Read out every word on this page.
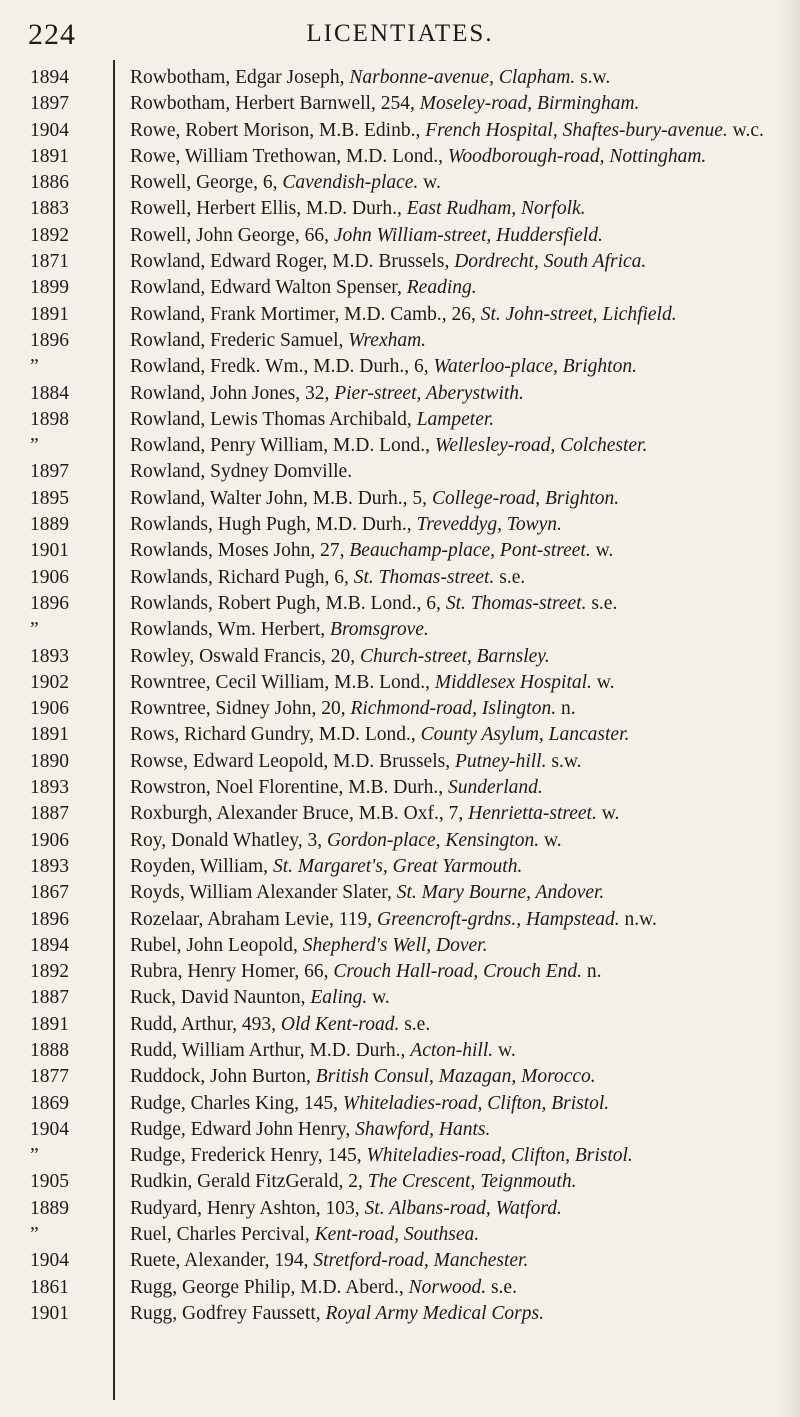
224	LICENTIATES.
1894	Rowbotham, Edgar Joseph, Narbonne-avenue, Clapham. s.w.
1897	Rowbotham, Herbert Barnwell, 254, Moseley-road, Birmingham.
1904	Rowe, Robert Morison, M.B. Edinb., French Hospital, Shaftes-bury-avenue. w.c.
1891	Rowe, William Trethowan, M.D. Lond., Woodborough-road, Nottingham.
1886	Rowell, George, 6, Cavendish-place. w.
1883	Rowell, Herbert Ellis, M.D. Durh., East Rudham, Norfolk.
1892	Rowell, John George, 66, John William-street, Huddersfield.
1871	Rowland, Edward Roger, M.D. Brussels, Dordrecht, South Africa.
1899	Rowland, Edward Walton Spenser, Reading.
1891	Rowland, Frank Mortimer, M.D. Camb., 26, St. John-street, Lichfield.
1896	Rowland, Frederic Samuel, Wrexham.
”	Rowland, Fredk. Wm., M.D. Durh., 6, Waterloo-place, Brighton.
1884	Rowland, John Jones, 32, Pier-street, Aberystwith.
1898	Rowland, Lewis Thomas Archibald, Lampeter.
”	Rowland, Penry William, M.D. Lond., Wellesley-road, Colchester.
1897	Rowland, Sydney Domville.
1895	Rowland, Walter John, M.B. Durh., 5, College-road, Brighton.
1889	Rowlands, Hugh Pugh, M.D. Durh., Treveddyg, Towyn.
1901	Rowlands, Moses John, 27, Beauchamp-place, Pont-street. w.
1906	Rowlands, Richard Pugh, 6, St. Thomas-street. s.e.
1896	Rowlands, Robert Pugh, M.B. Lond., 6, St. Thomas-street. s.e.
”	Rowlands, Wm. Herbert, Bromsgrove.
1893	Rowley, Oswald Francis, 20, Church-street, Barnsley.
1902	Rowntree, Cecil William, M.B. Lond., Middlesex Hospital. w.
1906	Rowntree, Sidney John, 20, Richmond-road, Islington. n.
1891	Rows, Richard Gundry, M.D. Lond., County Asylum, Lancaster.
1890	Rowse, Edward Leopold, M.D. Brussels, Putney-hill. s.w.
1893	Rowstron, Noel Florentine, M.B. Durh., Sunderland.
1887	Roxburgh, Alexander Bruce, M.B. Oxf., 7, Henrietta-street. w.
1906	Roy, Donald Whatley, 3, Gordon-place, Kensington. w.
1893	Royden, William, St. Margaret's, Great Yarmouth.
1867	Royds, William Alexander Slater, St. Mary Bourne, Andover.
1896	Rozelaar, Abraham Levie, 119, Greencroft-grdns., Hampstead. n.w.
1894	Rubel, John Leopold, Shepherd's Well, Dover.
1892	Rubra, Henry Homer, 66, Crouch Hall-road, Crouch End. n.
1887	Ruck, David Naunton, Ealing. w.
1891	Rudd, Arthur, 493, Old Kent-road. s.e.
1888	Rudd, William Arthur, M.D. Durh., Acton-hill. w.
1877	Ruddock, John Burton, British Consul, Mazagan, Morocco.
1869	Rudge, Charles King, 145, Whiteladies-road, Clifton, Bristol.
1904	Rudge, Edward John Henry, Shawford, Hants.
”	Rudge, Frederick Henry, 145, Whiteladies-road, Clifton, Bristol.
1905	Rudkin, Gerald FitzGerald, 2, The Crescent, Teignmouth.
1889	Rudyard, Henry Ashton, 103, St. Albans-road, Watford.
”	Ruel, Charles Percival, Kent-road, Southsea.
1904	Ruete, Alexander, 194, Stretford-road, Manchester.
1861	Rugg, George Philip, M.D. Aberd., Norwood. s.e.
1901	Rugg, Godfrey Faussett, Royal Army Medical Corps.
